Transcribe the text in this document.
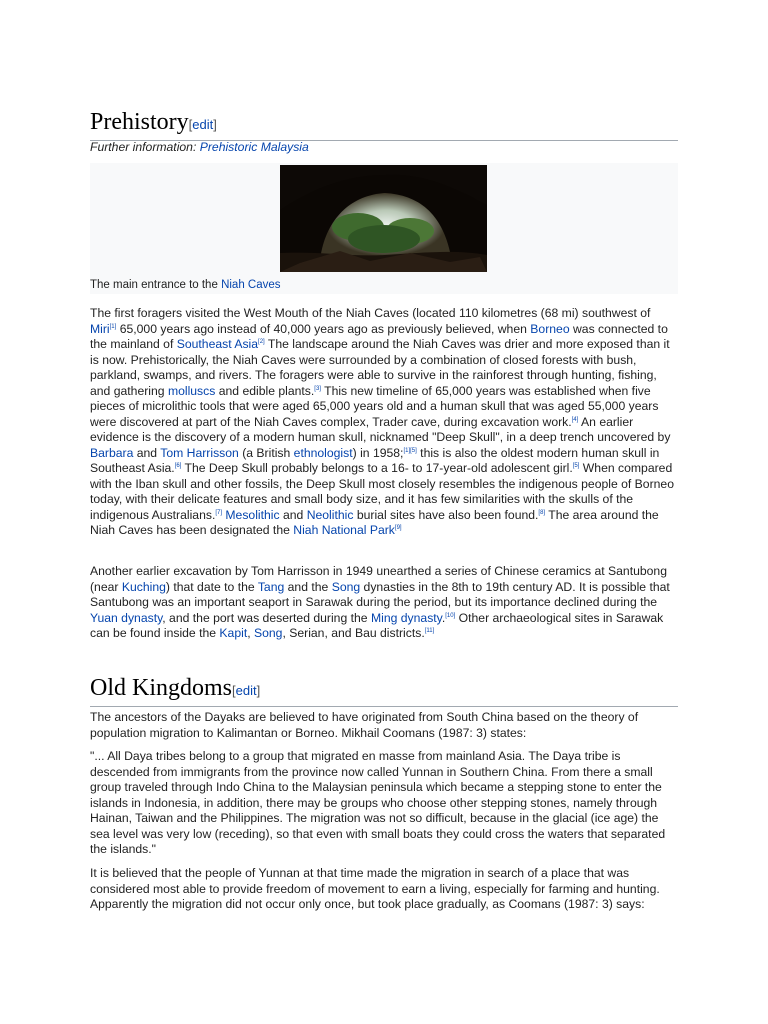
Prehistory[edit]
Further information: Prehistoric Malaysia
The main entrance to the Niah Caves

The first foragers visited the West Mouth of the Niah Caves (located 110 kilometres (68 mi) southwest of Miri[1] 65,000 years ago instead of 40,000 years ago as previously believed, when Borneo was connected to the mainland of Southeast Asia[2] The landscape around the Niah Caves was drier and more exposed than it is now. Prehistorically, the Niah Caves were surrounded by a combination of closed forests with bush, parkland, swamps, and rivers. The foragers were able to survive in the rainforest through hunting, fishing, and gathering molluscs and edible plants.[3] This new timeline of 65,000 years was established when five pieces of microlithic tools that were aged 65,000 years old and a human skull that was aged 55,000 years were discovered at part of the Niah Caves complex, Trader cave, during excavation work.[4] An earlier evidence is the discovery of a modern human skull, nicknamed "Deep Skull", in a deep trench uncovered by Barbara and Tom Harrisson (a British ethnologist) in 1958;[1][5] this is also the oldest modern human skull in Southeast Asia.[6] The Deep Skull probably belongs to a 16- to 17-year-old adolescent girl.[5] When compared with the Iban skull and other fossils, the Deep Skull most closely resembles the indigenous people of Borneo today, with their delicate features and small body size, and it has few similarities with the skulls of the indigenous Australians.[7] Mesolithic and Neolithic burial sites have also been found.[8] The area around the Niah Caves has been designated the Niah National Park[9]

Another earlier excavation by Tom Harrisson in 1949 unearthed a series of Chinese ceramics at Santubong (near Kuching) that date to the Tang and the Song dynasties in the 8th to 19th century AD. It is possible that Santubong was an important seaport in Sarawak during the period, but its importance declined during the Yuan dynasty, and the port was deserted during the Ming dynasty.[10] Other archaeological sites in Sarawak can be found inside the Kapit, Song, Serian, and Bau districts.[11]

Old Kingdoms[edit]

The ancestors of the Dayaks are believed to have originated from South China based on the theory of population migration to Kalimantan or Borneo. Mikhail Coomans (1987: 3) states:

"... All Daya tribes belong to a group that migrated en masse from mainland Asia. The Daya tribe is descended from immigrants from the province now called Yunnan in Southern China. From there a small group traveled through Indo China to the Malaysian peninsula which became a stepping stone to enter the islands in Indonesia, in addition, there may be groups who choose other stepping stones, namely through Hainan, Taiwan and the Philippines. The migration was not so difficult, because in the glacial (ice age) the sea level was very low (receding), so that even with small boats they could cross the waters that separated the islands."

It is believed that the people of Yunnan at that time made the migration in search of a place that was considered most able to provide freedom of movement to earn a living, especially for farming and hunting. Apparently the migration did not occur only once, but took place gradually, as Coomans (1987: 3) says:
